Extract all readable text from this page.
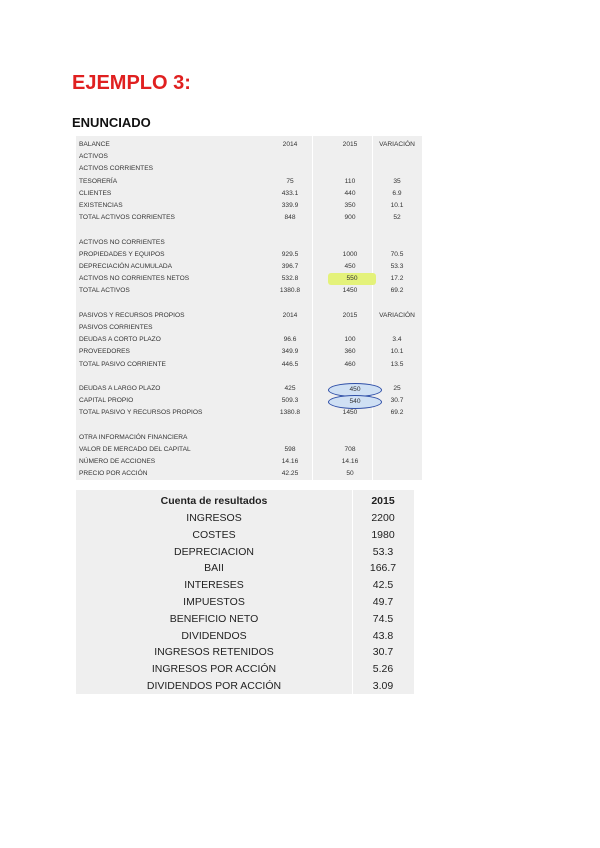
EJEMPLO 3:
ENUNCIADO
BALANCE	2014	2015	VARIACIÓN
ACTIVOS
ACTIVOS CORRIENTES
TESORERÍA	75	110	35
CLIENTES	433.1	440	6.9
EXISTENCIAS	339.9	350	10.1
TOTAL ACTIVOS CORRIENTES	848	900	52
ACTIVOS NO CORRIENTES
PROPIEDADES Y EQUIPOS	929.5	1000	70.5
DEPRECIACIÓN ACUMULADA	396.7	450	53.3
ACTIVOS NO CORRIENTES NETOS	532.8	550	17.2
TOTAL ACTIVOS	1380.8	1450	69.2
PASIVOS Y RECURSOS PROPIOS	2014	2015	VARIACIÓN
PASIVOS CORRIENTES
DEUDAS A CORTO PLAZO	96.6	100	3.4
PROVEEDORES	349.9	360	10.1
TOTAL PASIVO CORRIENTE	446.5	460	13.5
DEUDAS A LARGO PLAZO	425	450	25
CAPITAL PROPIO	509.3	540	30.7
TOTAL PASIVO Y RECURSOS PROPIOS	1380.8	1450	69.2
OTRA INFORMACIÓN FINANCIERA
VALOR DE MERCADO DEL CAPITAL	598	708
NÚMERO DE ACCIONES	14.16	14.16
PRECIO POR ACCIÓN	42.25	50
Cuenta de resultados	2015
INGRESOS	2200
COSTES	1980
DEPRECIACION	53.3
BAII	166.7
INTERESES	42.5
IMPUESTOS	49.7
BENEFICIO NETO	74.5
DIVIDENDOS	43.8
INGRESOS RETENIDOS	30.7
INGRESOS POR ACCIÓN	5.26
DIVIDENDOS POR ACCIÓN	3.09
